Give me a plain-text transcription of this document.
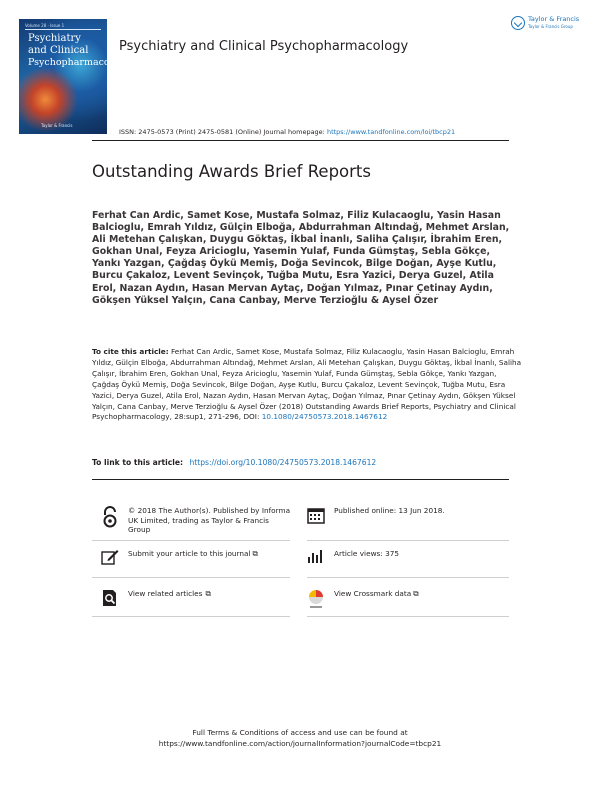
Volume 28 · Issue 1
Psychiatry
and Clinical
Psychopharmacology
Taylor & Francis
Psychiatry and Clinical Psychopharmacology
Taylor & Francis
Taylor & Francis Group
ISSN: 2475-0573 (Print) 2475-0581 (Online) Journal homepage: https://www.tandfonline.com/loi/tbcp21
Outstanding Awards Brief Reports
Ferhat Can Ardic, Samet Kose, Mustafa Solmaz, Filiz Kulacaoglu, Yasin Hasan Balcioglu, Emrah Yıldız, Gülçin Elboğa, Abdurrahman Altındağ, Mehmet Arslan, Ali Metehan Çalışkan, Duygu Göktaş, İkbal İnanlı, Saliha Çalışır, İbrahim Eren, Gokhan Unal, Feyza Aricioglu, Yasemin Yulaf, Funda Gümştaş, Sebla Gökçe, Yankı Yazgan, Çağdaş Öykü Memiş, Doğa Sevincok, Bilge Doğan, Ayşe Kutlu, Burcu Çakaloz, Levent Sevinçok, Tuğba Mutu, Esra Yazici, Derya Guzel, Atila Erol, Nazan Aydın, Hasan Mervan Aytaç, Doğan Yılmaz, Pınar Çetinay Aydın, Gökşen Yüksel Yalçın, Cana Canbay, Merve Terzioğlu & Aysel Özer
To cite this article: Ferhat Can Ardic, Samet Kose, Mustafa Solmaz, Filiz Kulacaoglu, Yasin Hasan Balcioglu, Emrah Yıldız, Gülçin Elboğa, Abdurrahman Altındağ, Mehmet Arslan, Ali Metehan Çalışkan, Duygu Göktaş, İkbal İnanlı, Saliha Çalışır, İbrahim Eren, Gokhan Unal, Feyza Aricioglu, Yasemin Yulaf, Funda Gümştaş, Sebla Gökçe, Yankı Yazgan, Çağdaş Öykü Memiş, Doğa Sevincok, Bilge Doğan, Ayşe Kutlu, Burcu Çakaloz, Levent Sevinçok, Tuğba Mutu, Esra Yazici, Derya Guzel, Atila Erol, Nazan Aydın, Hasan Mervan Aytaç, Doğan Yılmaz, Pınar Çetinay Aydın, Gökşen Yüksel Yalçın, Cana Canbay, Merve Terzioğlu & Aysel Özer (2018) Outstanding Awards Brief Reports, Psychiatry and Clinical Psychopharmacology, 28:sup1, 271-296, DOI: 10.1080/24750573.2018.1467612
To link to this article: https://doi.org/10.1080/24750573.2018.1467612
© 2018 The Author(s). Published by Informa UK Limited, trading as Taylor & Francis Group
Published online: 13 Jun 2018.
Submit your article to this journal ⧉	Article views: 375
View related articles ⧉	View Crossmark data ⧉
Full Terms & Conditions of access and use can be found at
https://www.tandfonline.com/action/journalInformation?journalCode=tbcp21
